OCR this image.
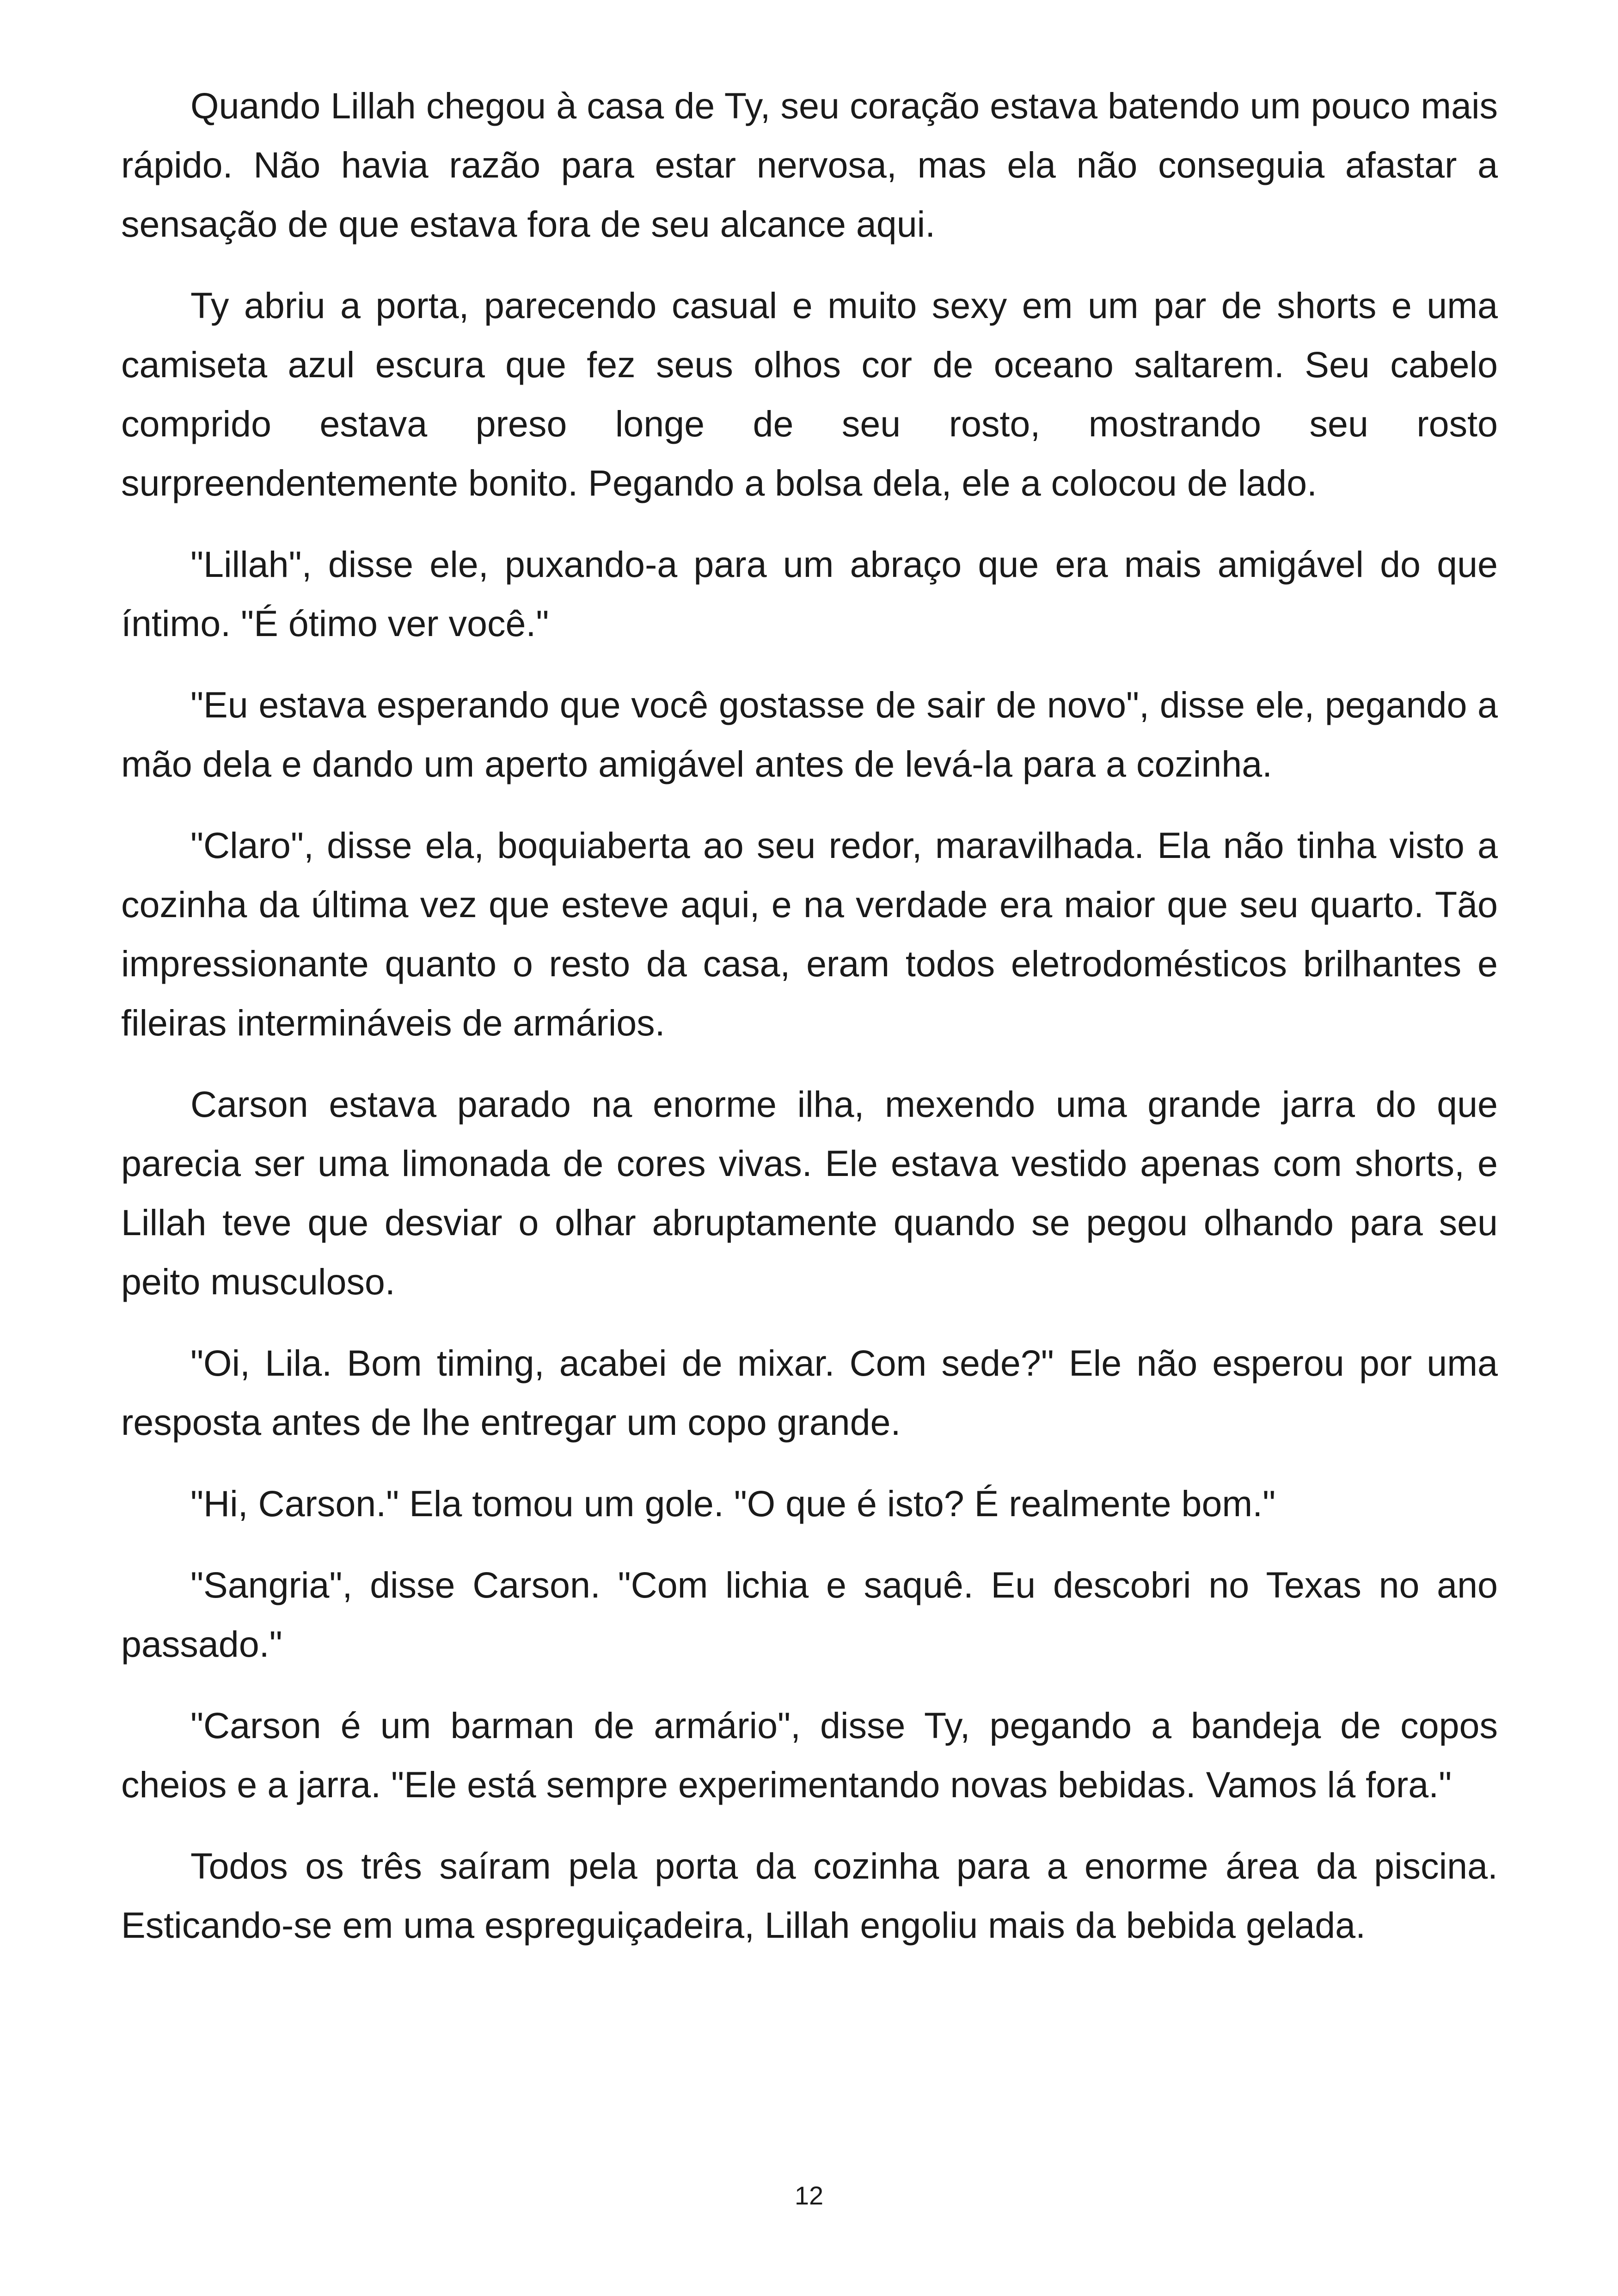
Quando Lillah chegou à casa de Ty, seu coração estava batendo um pouco mais rápido. Não havia razão para estar nervosa, mas ela não conseguia afastar a sensação de que estava fora de seu alcance aqui.

Ty abriu a porta, parecendo casual e muito sexy em um par de shorts e uma camiseta azul escura que fez seus olhos cor de oceano saltarem. Seu cabelo comprido estava preso longe de seu rosto, mostrando seu rosto surpreendentemente bonito. Pegando a bolsa dela, ele a colocou de lado.

"Lillah", disse ele, puxando-a para um abraço que era mais amigável do que íntimo. "É ótimo ver você."

"Eu estava esperando que você gostasse de sair de novo", disse ele, pegando a mão dela e dando um aperto amigável antes de levá-la para a cozinha.

"Claro", disse ela, boquiaberta ao seu redor, maravilhada. Ela não tinha visto a cozinha da última vez que esteve aqui, e na verdade era maior que seu quarto. Tão impressionante quanto o resto da casa, eram todos eletrodomésticos brilhantes e fileiras intermináveis de armários.

Carson estava parado na enorme ilha, mexendo uma grande jarra do que parecia ser uma limonada de cores vivas. Ele estava vestido apenas com shorts, e Lillah teve que desviar o olhar abruptamente quando se pegou olhando para seu peito musculoso.

"Oi, Lila. Bom timing, acabei de mixar. Com sede?" Ele não esperou por uma resposta antes de lhe entregar um copo grande.

"Hi, Carson." Ela tomou um gole. "O que é isto? É realmente bom."

"Sangria", disse Carson. "Com lichia e saquê. Eu descobri no Texas no ano passado."

"Carson é um barman de armário", disse Ty, pegando a bandeja de copos cheios e a jarra. "Ele está sempre experimentando novas bebidas. Vamos lá fora."

Todos os três saíram pela porta da cozinha para a enorme área da piscina. Esticando-se em uma espreguiçadeira, Lillah engoliu mais da bebida gelada.

12
